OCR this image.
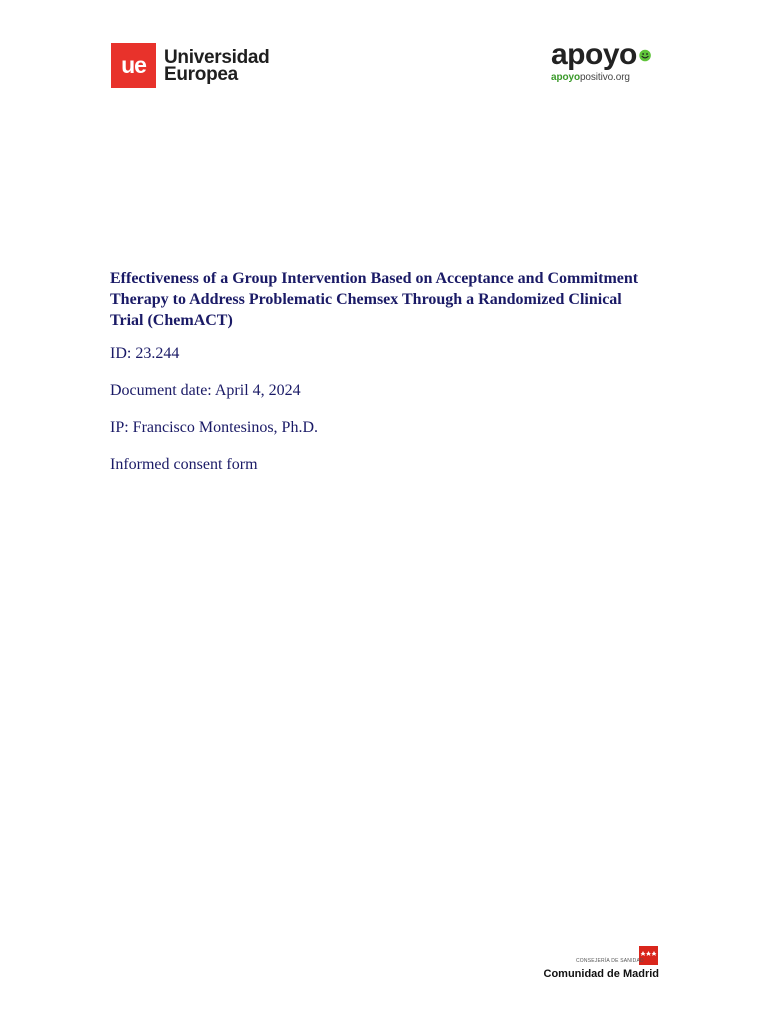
ue Universidad
Europea
apoyo
apoyopositivo.org
Effectiveness of a Group Intervention Based on Acceptance and Commitment Therapy to Address Problematic Chemsex Through a Randomized Clinical Trial (ChemACT)
ID: 23.244
Document date: April 4, 2024
IP: Francisco Montesinos, Ph.D.
Informed consent form
CONSEJERÍA DE SANIDAD
Comunidad de Madrid
